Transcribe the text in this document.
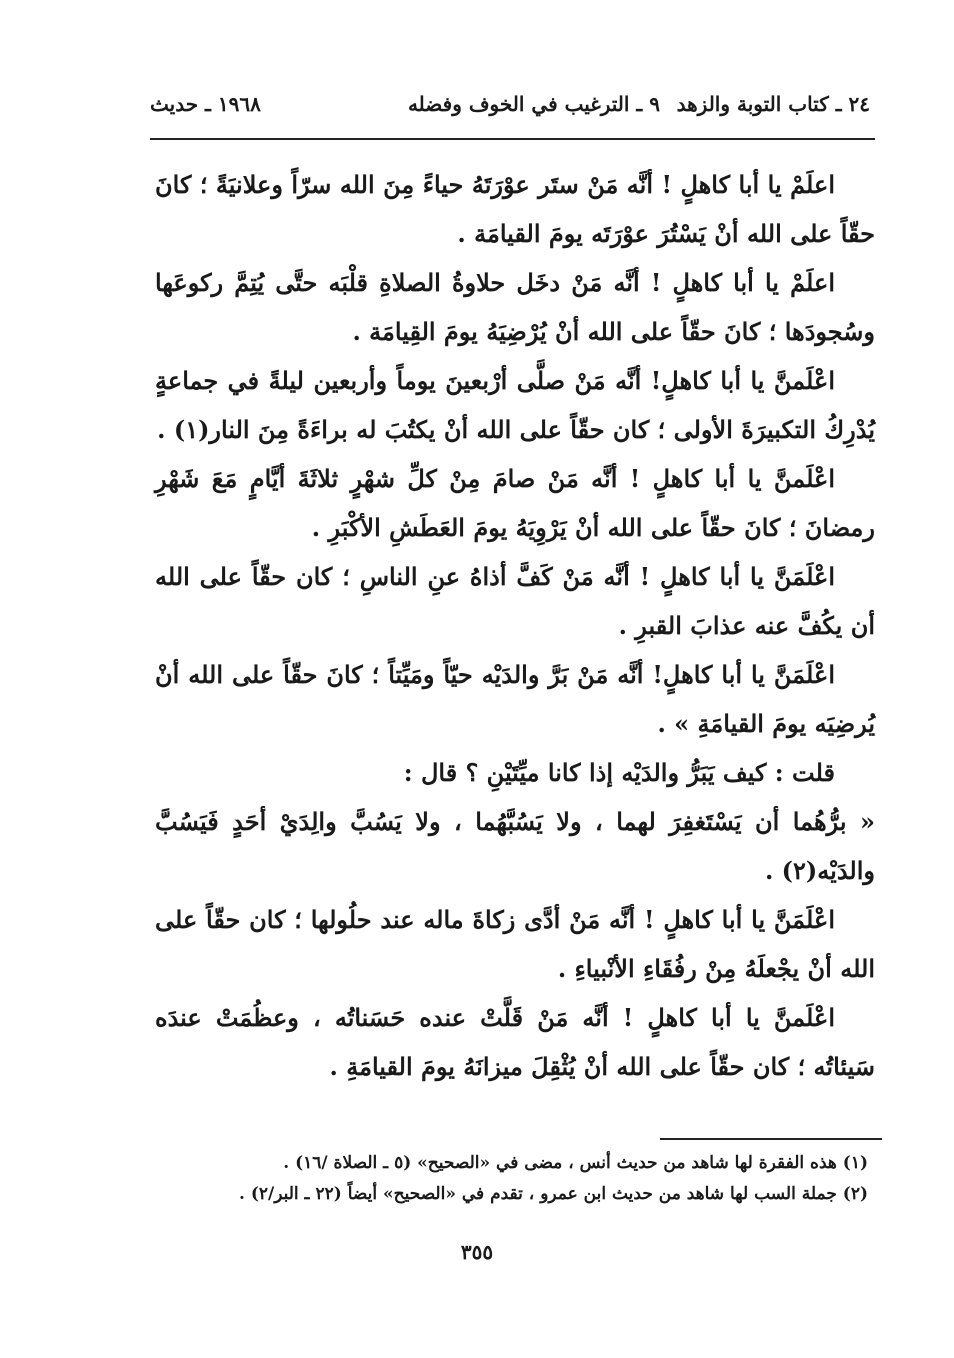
٢٤ ـ كتاب التوبة والزهد
٩ ـ الترغيب في الخوف وفضله
١٩٦٨ ـ حديث

اعلَمْ يا أبا كاهلٍ ! أنَّه مَنْ ستَر عوْرَتَهُ حياءً مِنَ الله سرّاً وعلانيَةً ؛ كانَ حقّاً على الله أنْ يَسْتُرَ عوْرَتَه يومَ القيامَة .

اعلَمْ يا أبا كاهلٍ ! أنَّه مَنْ دخَل حلاوةُ الصلاةِ قلْبَه حتَّى يُتِمَّ ركوعَها وسُجودَها ؛ كانَ حقّاً على الله أنْ يُرْضِيَهُ يومَ القِيامَة .

اعْلَمنَّ يا أبا كاهلٍ! أنَّه مَنْ صلَّى أرْبعينَ يوماً وأربعين ليلةً في جماعةٍ يُدْرِكُ التكبيرَةَ الأولى ؛ كان حقّاً على الله أنْ يكتُبَ له براءَةً مِنَ النار(١) .

اعْلَمنَّ يا أبا كاهلٍ ! أنَّه مَنْ صامَ مِنْ كلِّ شهْرٍ ثلاثَةَ أيَّامٍ مَعَ شَهْرِ رمضانَ ؛ كانَ حقّاً على الله أنْ يَرْوِيَهُ يومَ العَطَشِ الأكْبَرِ .

اعْلَمَنَّ يا أبا كاهلٍ ! أنَّه مَنْ كَفَّ أذاهُ عنِ الناسِ ؛ كان حقّاً على الله أن يكُفَّ عنه عذابَ القبرِ .

اعْلَمَنَّ يا أبا كاهلٍ! أنَّه مَنْ بَرَّ والدَيْه حيّاً ومَيِّتاً ؛ كانَ حقّاً على الله أنْ يُرضِيَه يومَ القيامَةِ » .

قلت : كيف يَبَرُّ والدَيْه إذا كانا ميِّتَيْنِ ؟ قال :

« برُّهُما أن يَسْتَغفِرَ لهما ، ولا يَسُبَّهُما ، ولا يَسُبَّ والِدَيْ أحَدٍ فَيَسُبَّ والدَيْه(٢) .

اعْلَمَنَّ يا أبا كاهلٍ ! أنَّه مَنْ أدَّى زكاةَ ماله عند حلُولها ؛ كان حقّاً على الله أنْ يجْعلَهُ مِنْ رفُقَاءِ الأنْبياءِ .

اعْلَمنَّ يا أبا كاهلٍ ! أنَّه مَنْ قَلَّتْ عنده حَسَناتُه ، وعظُمَتْ عندَه سَيئاتُه ؛ كان حقّاً على الله أنْ يُثْقِلَ ميزانَهُ يومَ القيامَةِ .

(١) هذه الفقرة لها شاهد من حديث أنس ، مضى في «الصحيح» (٥ ـ الصلاة /١٦) .
(٢) جملة السب لها شاهد من حديث ابن عمرو ، تقدم في «الصحيح» أيضاً (٢٢ ـ البر/٢) .
٣٥٥
